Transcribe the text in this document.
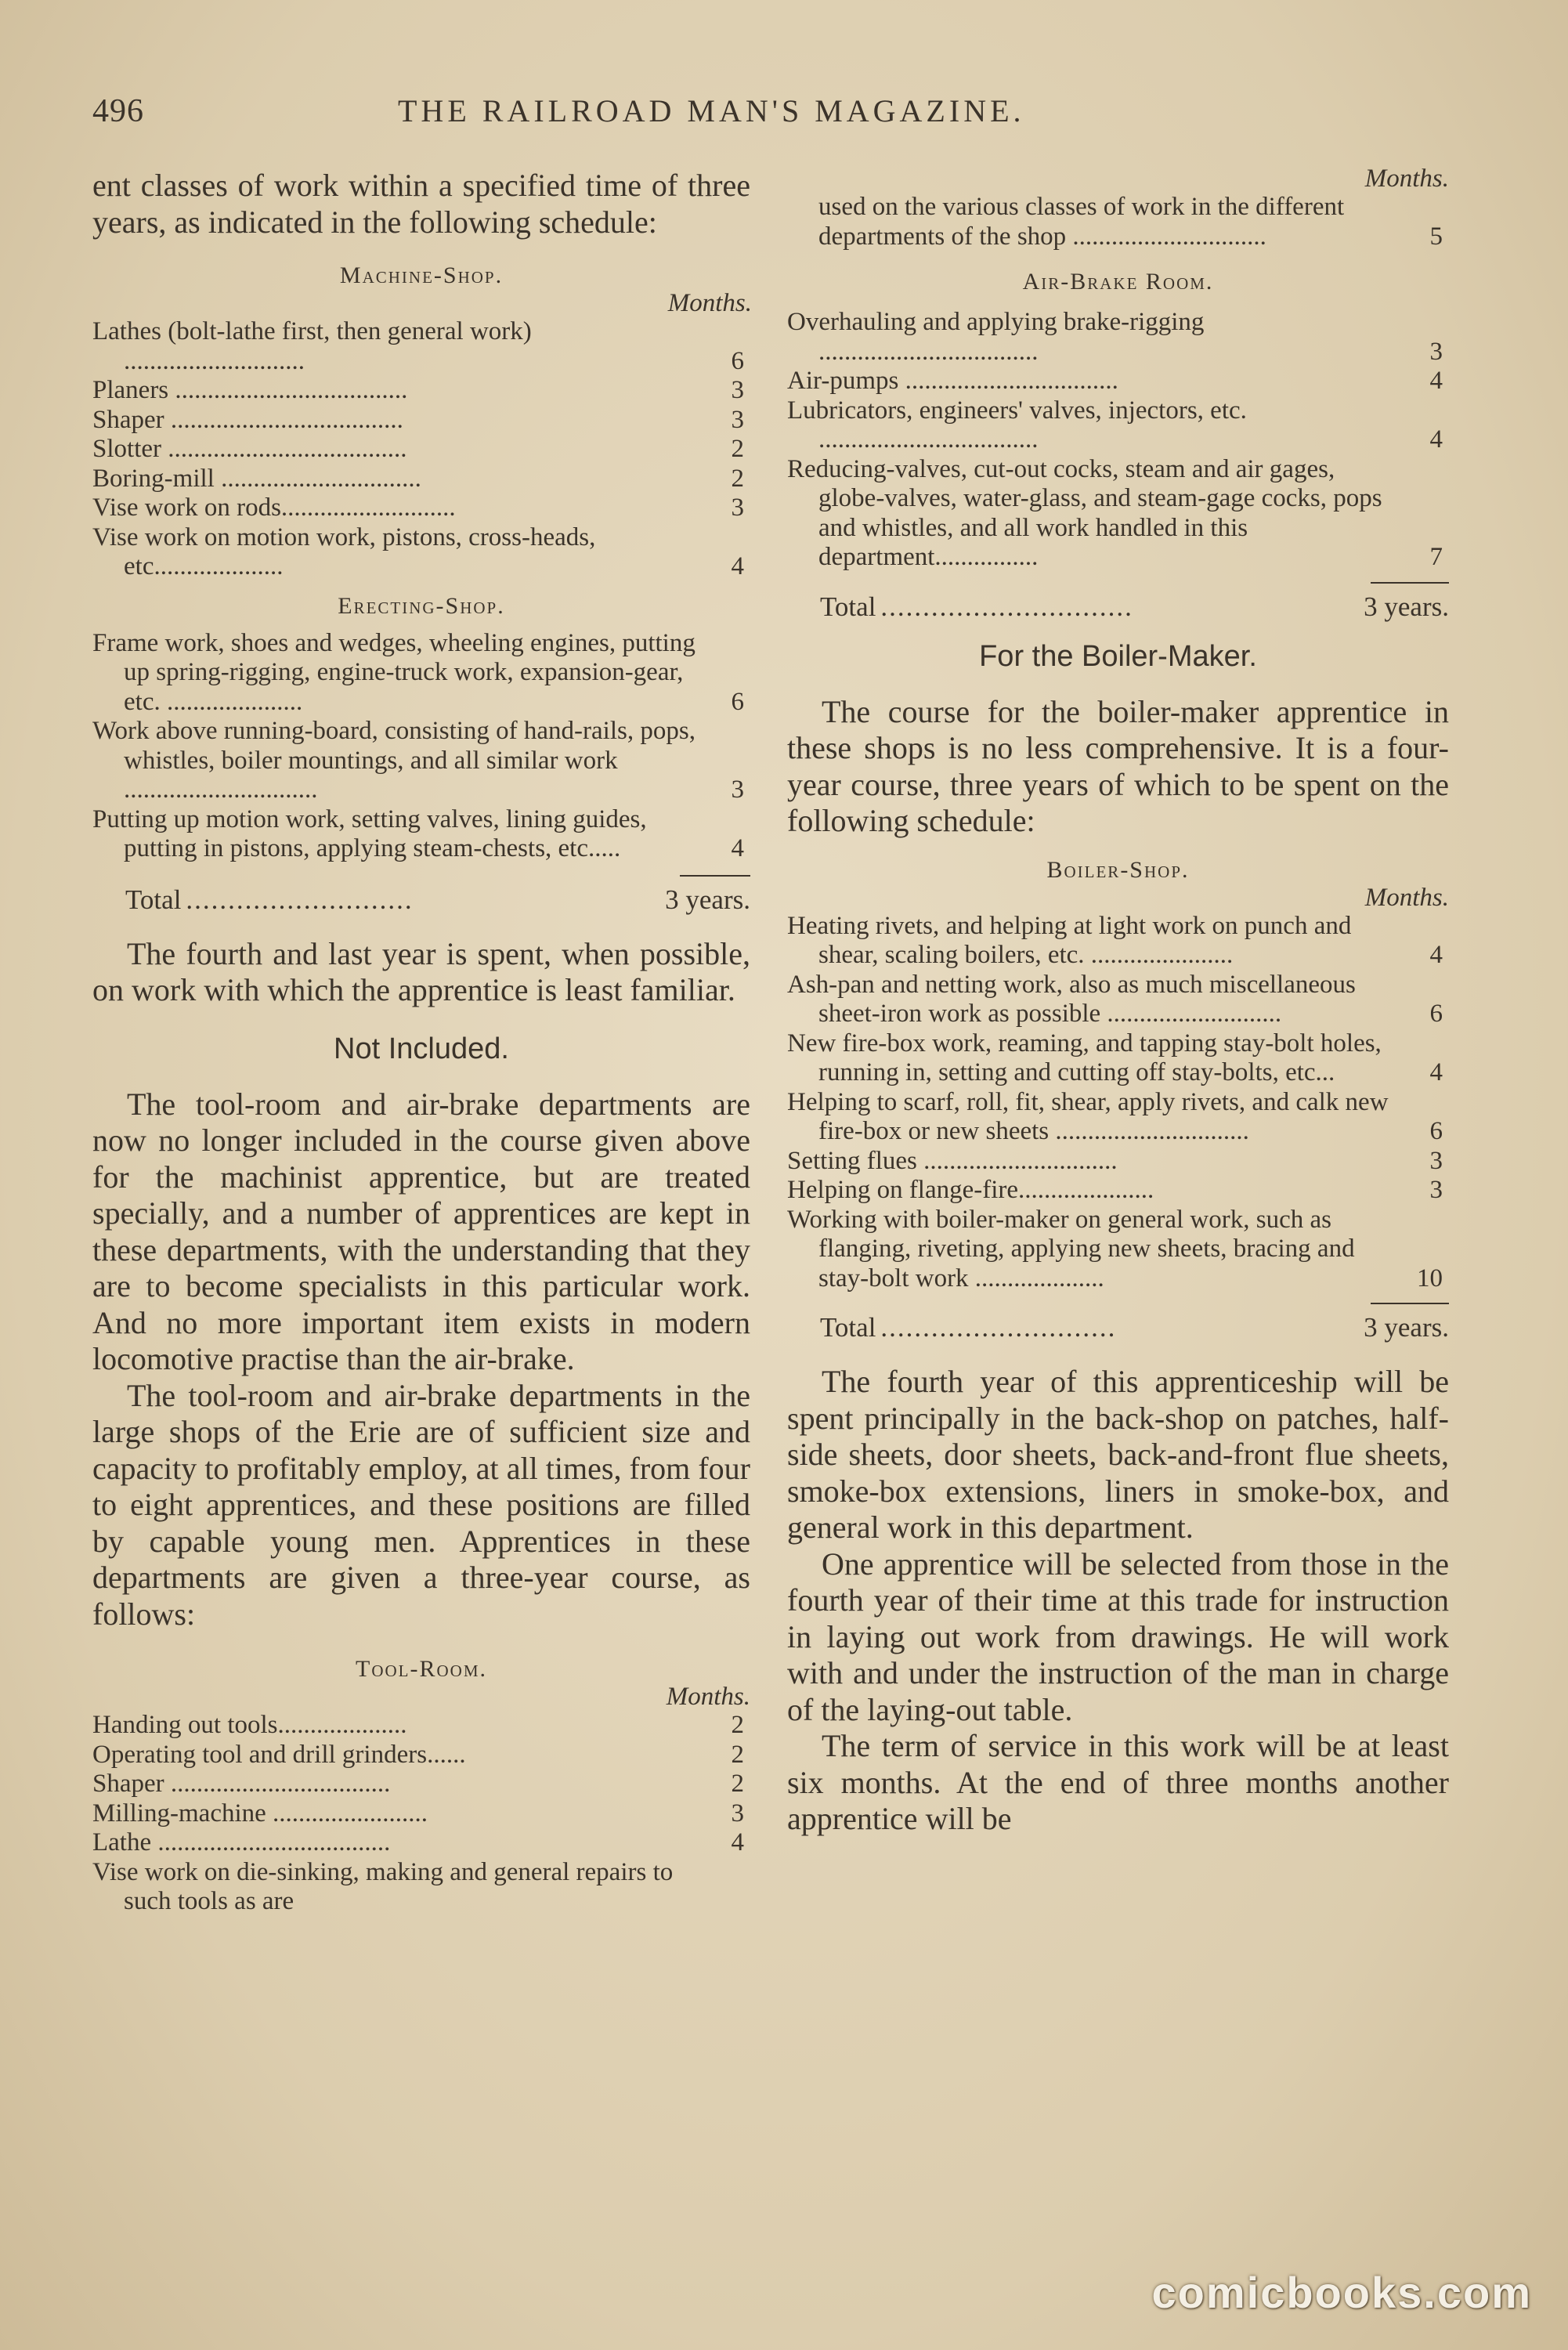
496	THE RAILROAD MAN'S MAGAZINE.

ent classes of work within a specified time of three years, as indicated in the following schedule:

Machine-Shop.

Months.

Lathes (bolt-lathe first, then general work) ............................	6
Planers ....................................	3
Shaper ....................................	3
Slotter .....................................	2
Boring-mill ...............................	2
Vise work on rods...........................	3
Vise work on motion work, pistons, cross-heads, etc....................	4

Erecting-Shop.

Frame work, shoes and wedges, wheeling engines, putting up spring-rigging, engine-truck work, expansion-gear, etc. .....................	6
Work above running-board, consisting of hand-rails, pops, whistles, boiler mountings, and all similar work ..............................	3
Putting up motion work, setting valves, lining guides, putting in pistons, applying steam-chests, etc.....	4
Total ...........................	3 years.

The fourth and last year is spent, when possible, on work with which the apprentice is least familiar.

Not Included.

The tool-room and air-brake departments are now no longer included in the course given above for the machinist apprentice, but are treated specially, and a number of apprentices are kept in these departments, with the understanding that they are to become specialists in this particular work. And no more important item exists in modern locomotive practise than the air-brake.

The tool-room and air-brake departments in the large shops of the Erie are of sufficient size and capacity to profitably employ, at all times, from four to eight apprentices, and these positions are filled by capable young men. Apprentices in these departments are given a three-year course, as follows:

Tool-Room.

Months.

Handing out tools....................	2
Operating tool and drill grinders......	2
Shaper ..................................	2
Milling-machine ........................	3
Lathe ....................................	4
Vise work on die-sinking, making and general repairs to such tools as are

Months.

used on the various classes of work in the different departments of the shop ..............................	5

Air-Brake Room.

Overhauling and applying brake-rigging ..................................	3
Air-pumps .................................	4
Lubricators, engineers' valves, injectors, etc. ..................................	4
Reducing-valves, cut-out cocks, steam and air gages, globe-valves, water-glass, and steam-gage cocks, pops and whistles, and all work handled in this department................	7
Total ..............................	3 years.

For the Boiler-Maker.

The course for the boiler-maker apprentice in these shops is no less comprehensive. It is a four-year course, three years of which to be spent on the following schedule:

Boiler-Shop.

Months.

Heating rivets, and helping at light work on punch and shear, scaling boilers, etc. ......................	4
Ash-pan and netting work, also as much miscellaneous sheet-iron work as possible ...........................	6
New fire-box work, reaming, and tapping stay-bolt holes, running in, setting and cutting off stay-bolts, etc...	4
Helping to scarf, roll, fit, shear, apply rivets, and calk new fire-box or new sheets ..............................	6
Setting flues ..............................	3
Helping on flange-fire.....................	3
Working with boiler-maker on general work, such as flanging, riveting, applying new sheets, bracing and stay-bolt work ....................	10
Total ............................	3 years.

The fourth year of this apprenticeship will be spent principally in the back-shop on patches, half-side sheets, door sheets, back-and-front flue sheets, smoke-box extensions, liners in smoke-box, and general work in this department.

One apprentice will be selected from those in the fourth year of their time at this trade for instruction in laying out work from drawings. He will work with and under the instruction of the man in charge of the laying-out table.

The term of service in this work will be at least six months. At the end of three months another apprentice will be

comicbooks.com
